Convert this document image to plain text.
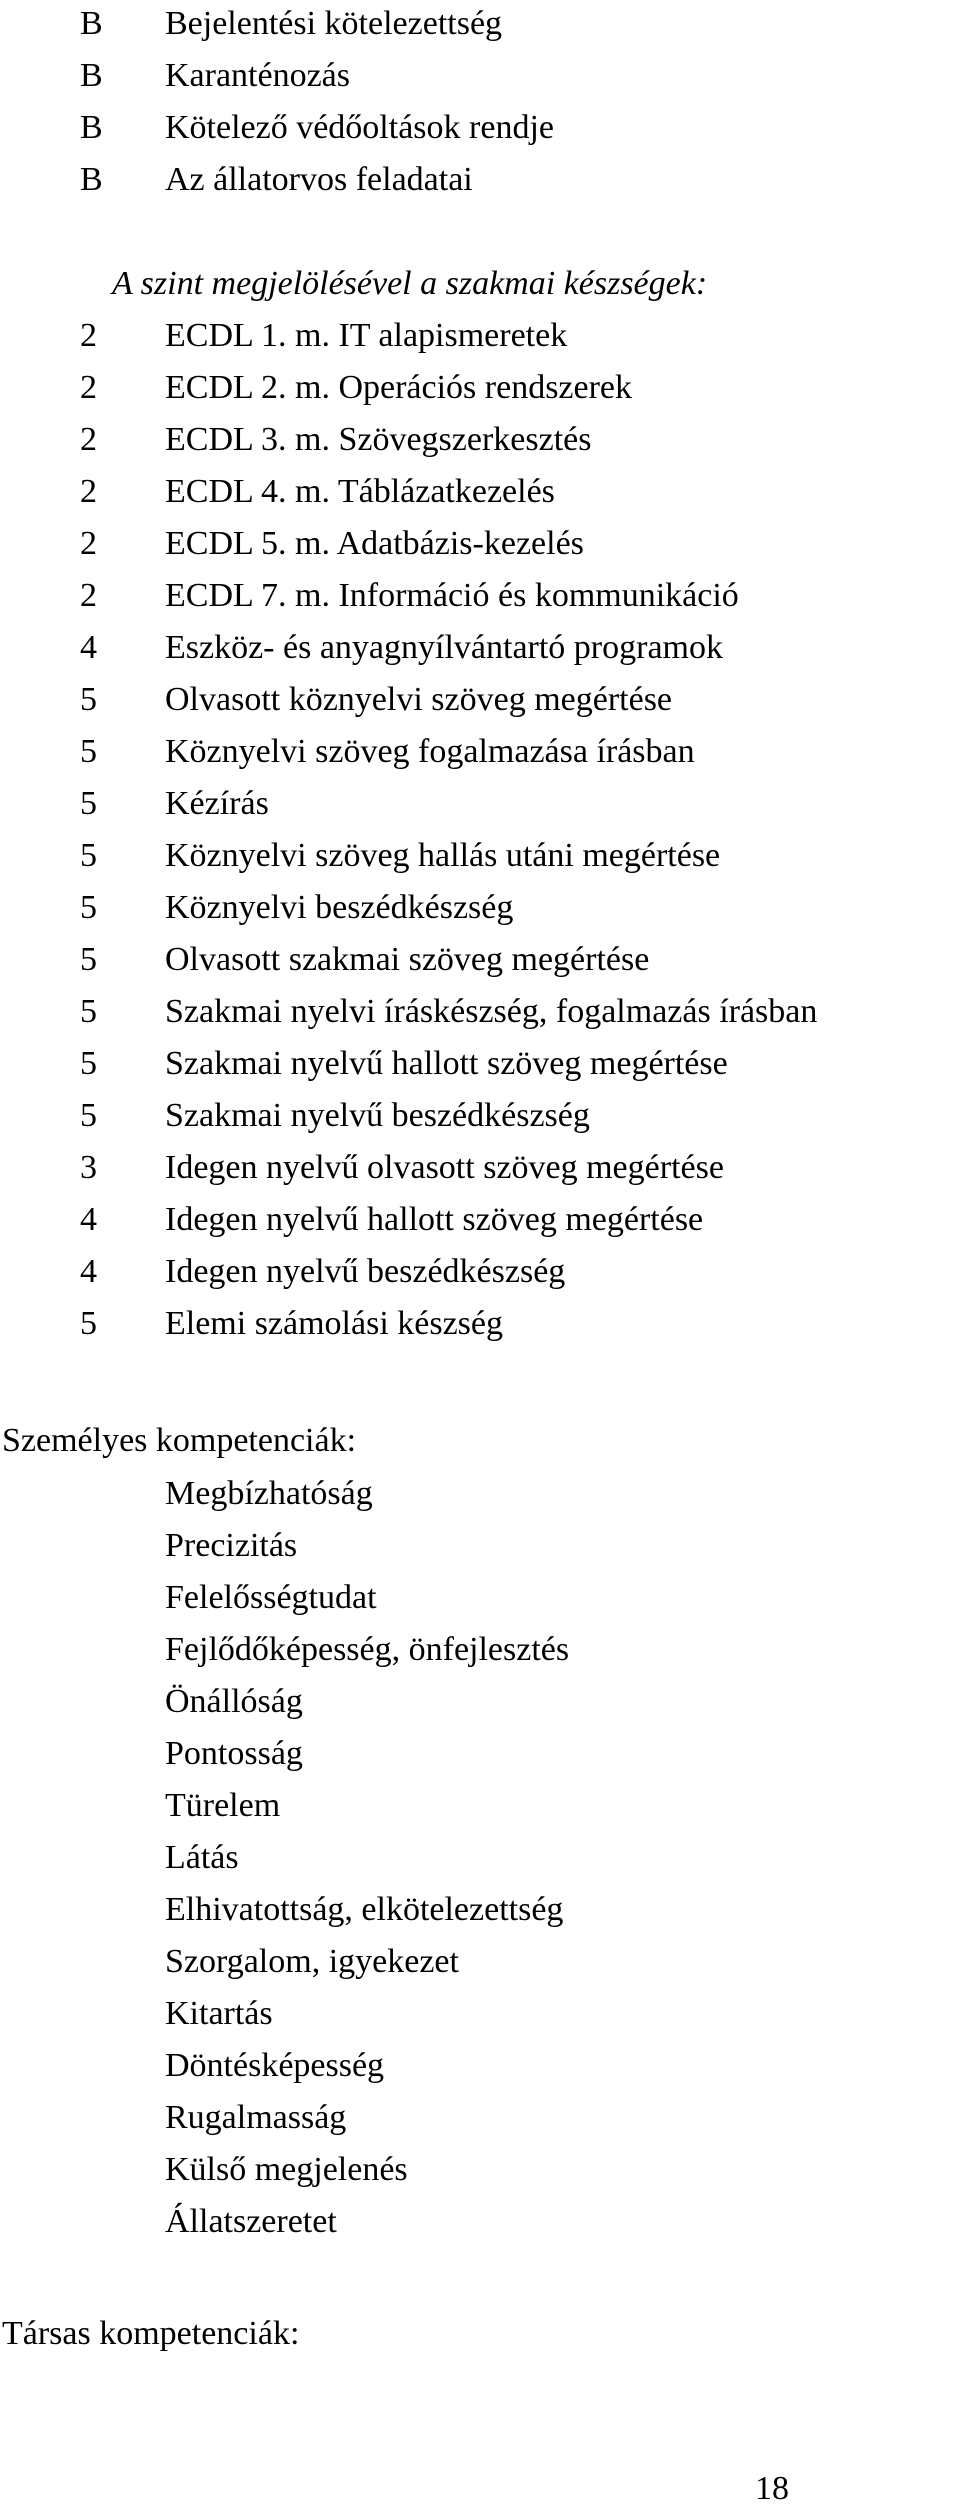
B	Bejelentési kötelezettség
B	Karanténozás
B	Kötelező védőoltások rendje
B	Az állatorvos feladatai
A szint megjelölésével a szakmai készségek:
2	ECDL 1. m. IT alapismeretek
2	ECDL 2. m. Operációs rendszerek
2	ECDL 3. m. Szövegszerkesztés
2	ECDL 4. m. Táblázatkezelés
2	ECDL 5. m. Adatbázis-kezelés
2	ECDL 7. m. Információ és kommunikáció
4	Eszköz- és anyagnyílvántartó programok
5	Olvasott köznyelvi szöveg megértése
5	Köznyelvi szöveg fogalmazása írásban
5	Kézírás
5	Köznyelvi szöveg hallás utáni megértése
5	Köznyelvi beszédkészség
5	Olvasott szakmai szöveg megértése
5	Szakmai nyelvi íráskészség, fogalmazás írásban
5	Szakmai nyelvű hallott szöveg megértése
5	Szakmai nyelvű beszédkészség
3	Idegen nyelvű olvasott szöveg megértése
4	Idegen nyelvű hallott szöveg megértése
4	Idegen nyelvű beszédkészség
5	Elemi számolási készség
Személyes kompetenciák:
Megbízhatóság
Precizitás
Felelősségtudat
Fejlődőképesség, önfejlesztés
Önállóság
Pontosság
Türelem
Látás
Elhivatottság, elkötelezettség
Szorgalom, igyekezet
Kitartás
Döntésképesség
Rugalmasság
Külső megjelenés
Állatszeretet
Társas kompetenciák:
18
